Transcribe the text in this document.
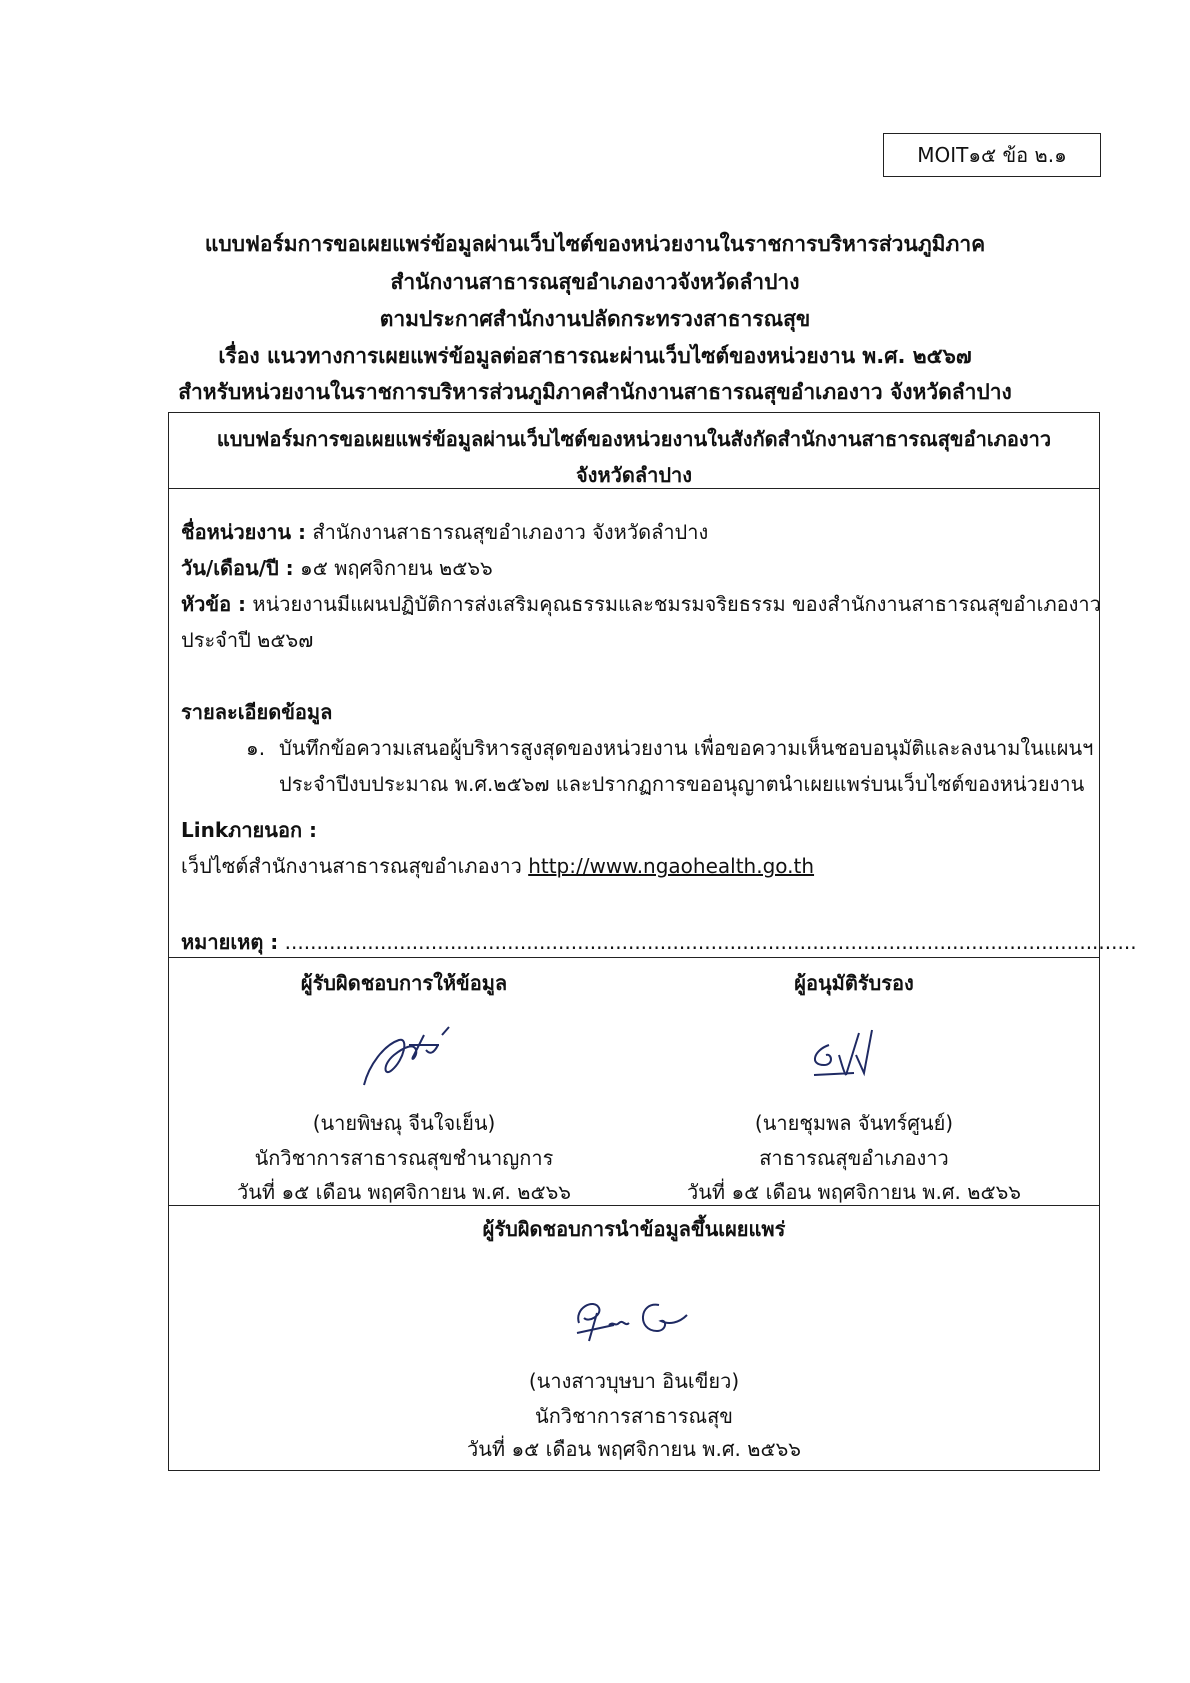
MOIT๑๕ ข้อ ๒.๑
แบบฟอร์มการขอเผยแพร่ข้อมูลผ่านเว็บไซต์ของหน่วยงานในราชการบริหารส่วนภูมิภาค
สำนักงานสาธารณสุขอำเภองาวจังหวัดลำปาง
ตามประกาศสำนักงานปลัดกระทรวงสาธารณสุข
เรื่อง แนวทางการเผยแพร่ข้อมูลต่อสาธารณะผ่านเว็บไซต์ของหน่วยงาน พ.ศ. ๒๕๖๗
สำหรับหน่วยงานในราชการบริหารส่วนภูมิภาคสำนักงานสาธารณสุขอำเภองาว จังหวัดลำปาง
แบบฟอร์มการขอเผยแพร่ข้อมูลผ่านเว็บไซต์ของหน่วยงานในสังกัดสำนักงานสาธารณสุขอำเภองาว
จังหวัดลำปาง
ชื่อหน่วยงาน : สำนักงานสาธารณสุขอำเภองาว จังหวัดลำปาง
วัน/เดือน/ปี : ๑๕ พฤศจิกายน ๒๕๖๖
หัวข้อ : หน่วยงานมีแผนปฏิบัติการส่งเสริมคุณธรรมและชมรมจริยธรรม ของสำนักงานสาธารณสุขอำเภองาว
ประจำปี ๒๕๖๗
รายละเอียดข้อมูล
๑. บันทึกข้อความเสนอผู้บริหารสูงสุดของหน่วยงาน เพื่อขอความเห็นชอบอนุมัติและลงนามในแผนฯ
ประจำปีงบประมาณ พ.ศ.๒๕๖๗ และปรากฏการขออนุญาตนำเผยแพร่บนเว็บไซต์ของหน่วยงาน
Linkภายนอก :
เว็ปไซต์สำนักงานสาธารณสุขอำเภองาว http://www.ngaohealth.go.th
หมายเหตุ : ......................................................................................................................................
ผู้รับผิดชอบการให้ข้อมูล	ผู้อนุมัติรับรอง
(นายพิษณุ จีนใจเย็น)
นักวิชาการสาธารณสุขชำนาญการ
วันที่ ๑๕ เดือน พฤศจิกายน พ.ศ. ๒๕๖๖
(นายชุมพล จันทร์ศูนย์)
สาธารณสุขอำเภองาว
วันที่ ๑๕ เดือน พฤศจิกายน พ.ศ. ๒๕๖๖
ผู้รับผิดชอบการนำข้อมูลขึ้นเผยแพร่
(นางสาวบุษบา อินเขียว)
นักวิชาการสาธารณสุข
วันที่ ๑๕ เดือน พฤศจิกายน พ.ศ. ๒๕๖๖
